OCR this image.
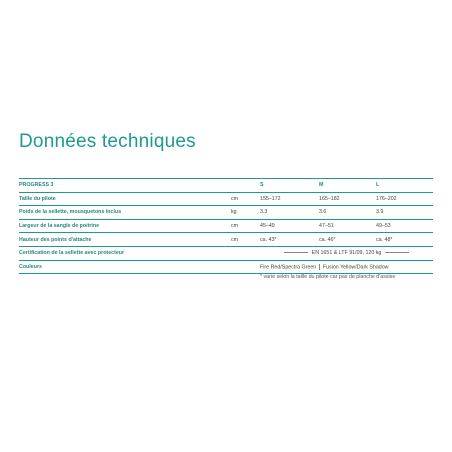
Données techniques
PROGRESS 3		S	M	L
Taille du pilote	cm	155–172	165–182	176–202
Poids de la sellette, mousquetons inclus	kg	3.3	3.6	3.9
Largeur de la sangle de poitrine	cm	45–49	47–51	49–53
Hauteur des points d'attache	cm	ca. 43*	ca. 46*	ca. 48*
Certification de la sellette avec protecteur		EN 1651 & LTF 91/09, 120 kg		
Couleurs		Fire Red/Spectra Green Fusion Yellow/Dark Shadow		
* varie selon la taille du pilote car pas de planche d'assise
